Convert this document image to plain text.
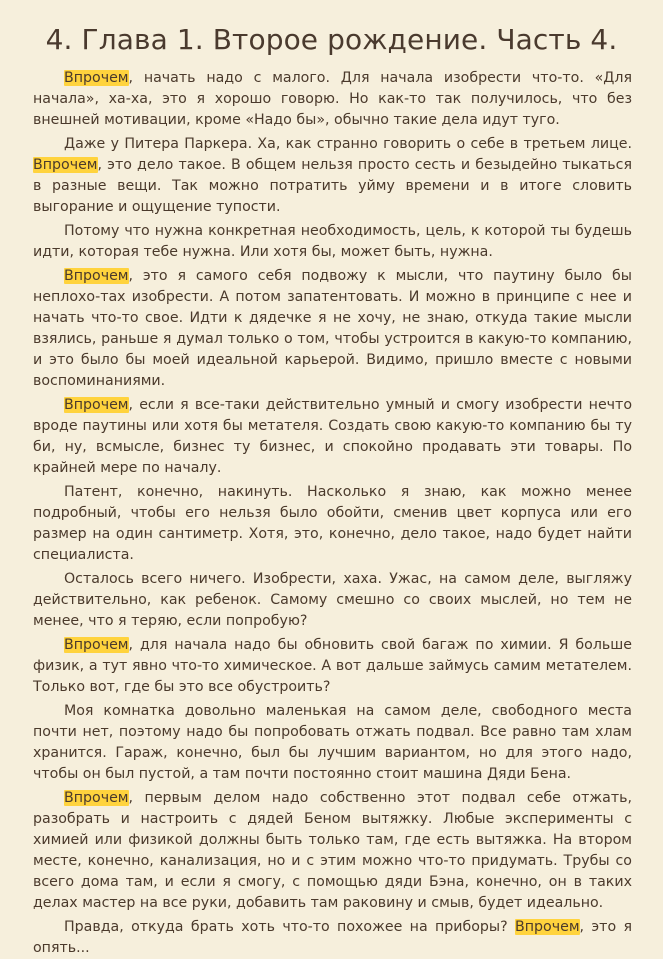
4. Глава 1. Второе рождение. Часть 4.

Впрочем, начать надо с малого. Для начала изобрести что-то. «Для начала», ха-ха, это я хорошо говорю. Но как-то так получилось, что без внешней мотивации, кроме «Надо бы», обычно такие дела идут туго.

Даже у Питера Паркера. Ха, как странно говорить о себе в третьем лице. Впрочем, это дело такое. В общем нельзя просто сесть и безыдейно тыкаться в разные вещи. Так можно потратить уйму времени и в итоге словить выгорание и ощущение тупости.

Потому что нужна конкретная необходимость, цель, к которой ты будешь идти, которая тебе нужна. Или хотя бы, может быть, нужна.

Впрочем, это я самого себя подвожу к мысли, что паутину было бы неплохо-тах изобрести. А потом запатентовать. И можно в принципе с нее и начать что-то свое. Идти к дядечке я не хочу, не знаю, откуда такие мысли взялись, раньше я думал только о том, чтобы устроится в какую-то компанию, и это было бы моей идеальной карьерой. Видимо, пришло вместе с новыми воспоминаниями.

Впрочем, если я все-таки действительно умный и смогу изобрести нечто вроде паутины или хотя бы метателя. Создать свою какую-то компанию бы ту би, ну, всмысле, бизнес ту бизнес, и спокойно продавать эти товары. По крайней мере по началу.

Патент, конечно, накинуть. Насколько я знаю, как можно менее подробный, чтобы его нельзя было обойти, сменив цвет корпуса или его размер на один сантиметр. Хотя, это, конечно, дело такое, надо будет найти специалиста.

Осталось всего ничего. Изобрести, хаха. Ужас, на самом деле, выгляжу действительно, как ребенок. Самому смешно со своих мыслей, но тем не менее, что я теряю, если попробую?

Впрочем, для начала надо бы обновить свой багаж по химии. Я больше физик, а тут явно что-то химическое. А вот дальше займусь самим метателем. Только вот, где бы это все обустроить?

Моя комнатка довольно маленькая на самом деле, свободного места почти нет, поэтому надо бы попробовать отжать подвал. Все равно там хлам хранится. Гараж, конечно, был бы лучшим вариантом, но для этого надо, чтобы он был пустой, а там почти постоянно стоит машина Дяди Бена.

Впрочем, первым делом надо собственно этот подвал себе отжать, разобрать и настроить с дядей Беном вытяжку. Любые эксперименты с химией или физикой должны быть только там, где есть вытяжка. На втором месте, конечно, канализация, но и с этим можно что-то придумать. Трубы со всего дома там, и если я смогу, с помощью дяди Бэна, конечно, он в таких делах мастер на все руки, добавить там раковину и смыв, будет идеально.

Правда, откуда брать хоть что-то похожее на приборы? Впрочем, это я опять...
